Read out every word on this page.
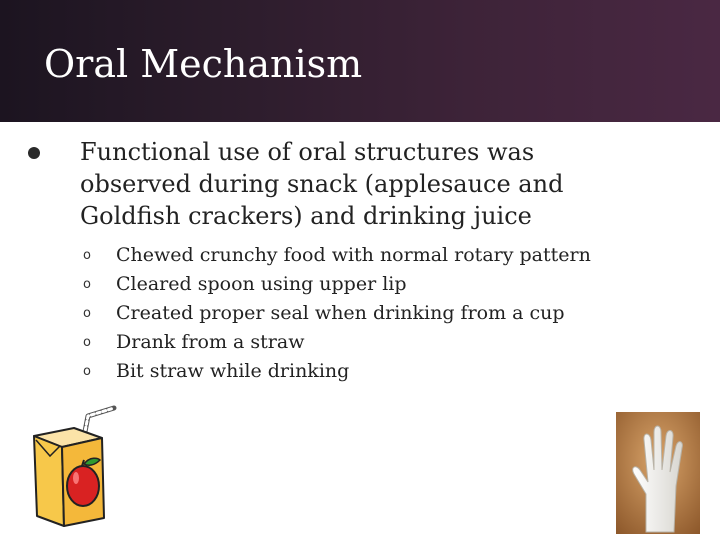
Oral Mechanism

Functional use of oral structures was observed during snack (applesauce and Goldfish crackers) and drinking juice

o Chewed crunchy food with normal rotary pattern
o Cleared spoon using upper lip
o Created proper seal when drinking from a cup
o Drank from a straw
o Bit straw while drinking
